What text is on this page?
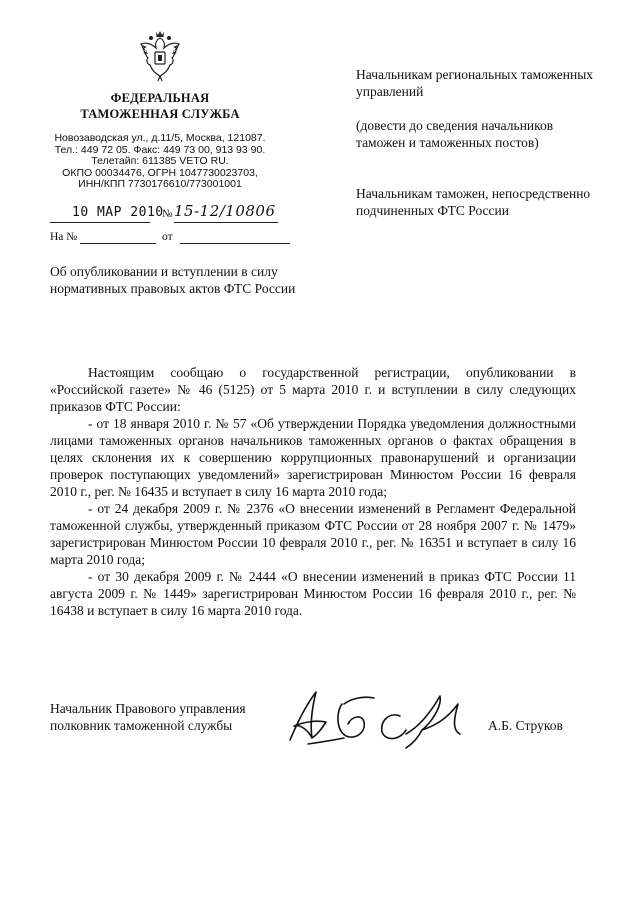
ФЕДЕРАЛЬНАЯ
ТАМОЖЕННАЯ СЛУЖБА
Новозаводская ул., д.11/5, Москва, 121087.
Тел.: 449 72 05. Факс: 449 73 00, 913 93 90.
Телетайп: 611385 VETO RU.
ОКПО 00034476, ОГРН 1047730023703,
ИНН/КПП 7730176610/773001001
10 МАР 2010
№ 15-12/10806
На №	от
Об опубликовании и вступлении в силу нормативных правовых актов ФТС России

Начальникам региональных таможенных управлений

(довести до сведения начальников таможен и таможенных постов)

Начальникам таможен, непосредственно подчиненных ФТС России

Настоящим сообщаю о государственной регистрации, опубликовании в «Российской газете» № 46 (5125) от 5 марта 2010 г. и вступлении в силу следующих приказов ФТС России:

- от 18 января 2010 г. № 57 «Об утверждении Порядка уведомления должностными лицами таможенных органов начальников таможенных органов о фактах обращения в целях склонения их к совершению коррупционных правонарушений и организации проверок поступающих уведомлений» зарегистрирован Минюстом России 16 февраля 2010 г., рег. № 16435 и вступает в силу 16 марта 2010 года;

- от 24 декабря 2009 г. № 2376 «О внесении изменений в Регламент Федеральной таможенной службы, утвержденный приказом ФТС России от 28 ноября 2007 г. № 1479» зарегистрирован Минюстом России 10 февраля 2010 г., рег. № 16351 и вступает в силу 16 марта 2010 года;

- от 30 декабря 2009 г. № 2444 «О внесении изменений в приказ ФТС России 11 августа 2009 г. № 1449» зарегистрирован Минюстом России 16 февраля 2010 г., рег. № 16438 и вступает в силу 16 марта 2010 года.

Начальник Правового управления
полковник таможенной службы	А.Б. Струков
